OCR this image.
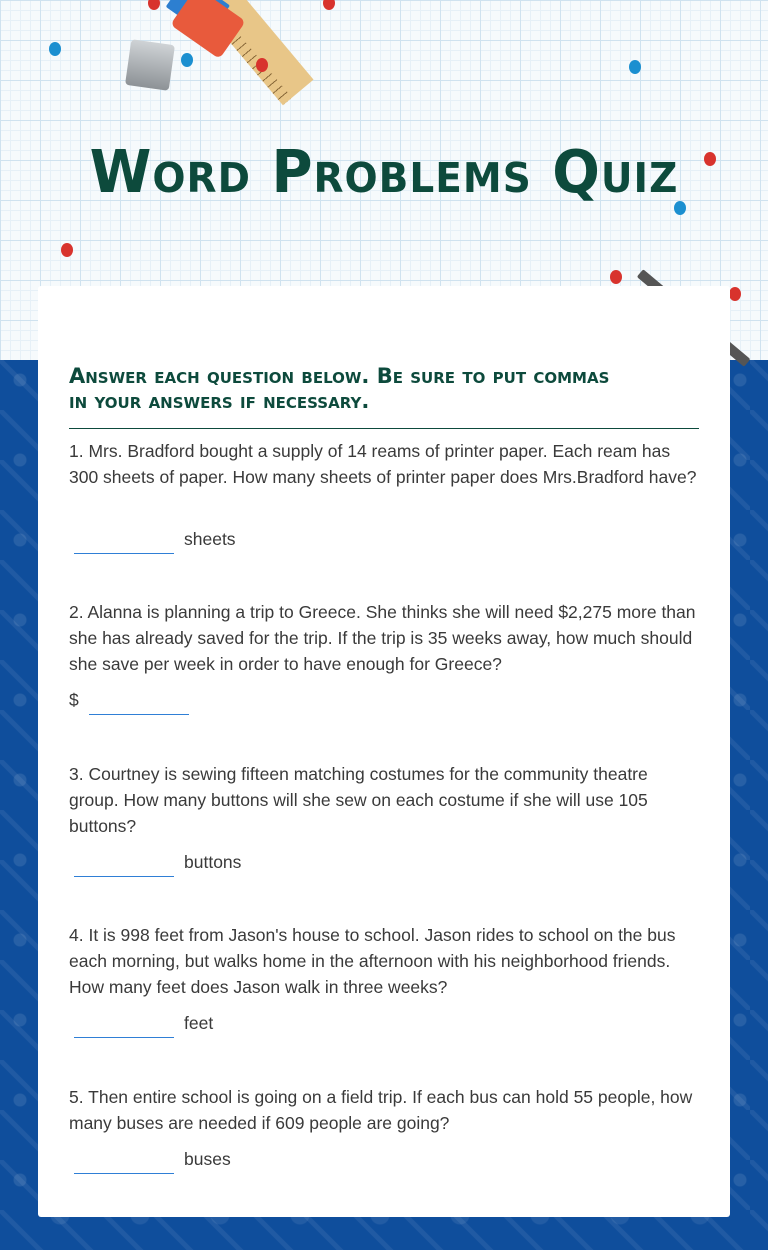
Word Problems Quiz
Answer each question below. Be sure to put commas in your answers if necessary.
1. Mrs. Bradford bought a supply of 14 reams of printer paper. Each ream has 300 sheets of paper. How many sheets of printer paper does Mrs.Bradford have?
sheets
2. Alanna is planning a trip to Greece. She thinks she will need $2,275 more than she has already saved for the trip. If the trip is 35 weeks away, how much should she save per week in order to have enough for Greece?
$
3. Courtney is sewing fifteen matching costumes for the community theatre group. How many buttons will she sew on each costume if she will use 105 buttons?
buttons
4. It is 998 feet from Jason's house to school. Jason rides to school on the bus each morning, but walks home in the afternoon with his neighborhood friends. How many feet does Jason walk in three weeks?
feet
5. Then entire school is going on a field trip. If each bus can hold 55 people, how many buses are needed if 609 people are going?
buses
